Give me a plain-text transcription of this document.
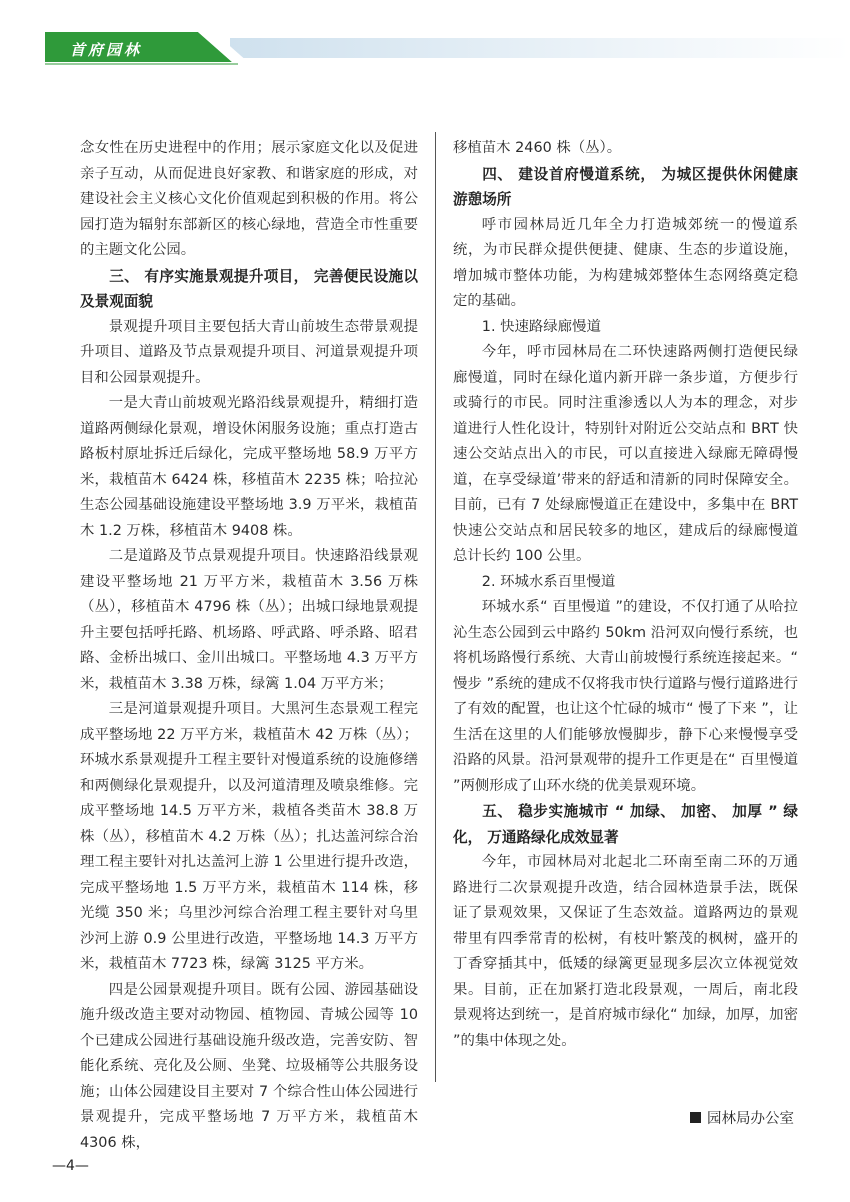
首府园林

念女性在历史进程中的作用；展示家庭文化以及促进亲子互动，从而促进良好家教、和谐家庭的形成，对建设社会主义核心文化价值观起到积极的作用。将公园打造为辐射东部新区的核心绿地，营造全市性重要的主题文化公园。

三、 有序实施景观提升项目， 完善便民设施以及景观面貌

景观提升项目主要包括大青山前坡生态带景观提升项目、道路及节点景观提升项目、河道景观提升项目和公园景观提升。

一是大青山前坡观光路沿线景观提升，精细打造道路两侧绿化景观，增设休闲服务设施；重点打造古路板村原址拆迁后绿化，完成平整场地 58.9 万平方米，栽植苗木 6424 株，移植苗木 2235 株；哈拉沁生态公园基础设施建设平整场地 3.9 万平米，栽植苗木 1.2 万株，移植苗木 9408 株。

二是道路及节点景观提升项目。快速路沿线景观建设平整场地 21 万平方米，栽植苗木 3.56 万株（丛），移植苗木 4796 株（丛）；出城口绿地景观提升主要包括呼托路、机场路、呼武路、呼杀路、昭君路、金桥出城口、金川出城口。平整场地 4.3 万平方米，栽植苗木 3.38 万株，绿篱 1.04 万平方米；

三是河道景观提升项目。大黑河生态景观工程完成平整场地 22 万平方米，栽植苗木 42 万株（丛）；环城水系景观提升工程主要针对慢道系统的设施修缮和两侧绿化景观提升，以及河道清理及喷泉维修。完成平整场地 14.5 万平方米，栽植各类苗木 38.8 万株（丛），移植苗木 4.2 万株（丛）；扎达盖河综合治理工程主要针对扎达盖河上游 1 公里进行提升改造，完成平整场地 1.5 万平方米，栽植苗木 114 株，移光缆 350 米；乌里沙河综合治理工程主要针对乌里沙河上游 0.9 公里进行改造，平整场地 14.3 万平方米，栽植苗木 7723 株，绿篱 3125 平方米。

四是公园景观提升项目。既有公园、游园基础设施升级改造主要对动物园、植物园、青城公园等 10 个已建成公园进行基础设施升级改造，完善安防、智能化系统、亮化及公厕、坐凳、垃圾桶等公共服务设施；山体公园建设目主要对 7 个综合性山体公园进行景观提升，完成平整场地 7 万平方米，栽植苗木 4306 株，

移植苗木 2460 株（丛）。

四、 建设首府慢道系统， 为城区提供休闲健康游憩场所

呼市园林局近几年全力打造城郊统一的慢道系统，为市民群众提供便捷、健康、生态的步道设施，增加城市整体功能，为构建城郊整体生态网络奠定稳定的基础。

1. 快速路绿廊慢道

今年，呼市园林局在二环快速路两侧打造便民绿廊慢道，同时在绿化道内新开辟一条步道，方便步行或骑行的市民。同时注重渗透以人为本的理念，对步道进行人性化设计，特别针对附近公交站点和 BRT 快速公交站点出入的市民，可以直接进入绿廊无障碍慢道，在享受绿道’带来的舒适和清新的同时保障安全。目前，已有 7 处绿廊慢道正在建设中，多集中在 BRT 快速公交站点和居民较多的地区，建成后的绿廊慢道总计长约 100 公里。

2. 环城水系百里慢道

环城水系“ 百里慢道 ”的建设，不仅打通了从哈拉沁生态公园到云中路约 50km 沿河双向慢行系统，也将机场路慢行系统、大青山前坡慢行系统连接起来。“ 慢步 ”系统的建成不仅将我市快行道路与慢行道路进行了有效的配置，也让这个忙碌的城市“ 慢了下来 ”，让生活在这里的人们能够放慢脚步，静下心来慢慢享受沿路的风景。沿河景观带的提升工作更是在“ 百里慢道 ”两侧形成了山环水绕的优美景观环境。

五、 稳步实施城市 “ 加绿、 加密、 加厚 ” 绿化， 万通路绿化成效显著

今年，市园林局对北起北二环南至南二环的万通路进行二次景观提升改造，结合园林造景手法，既保证了景观效果，又保证了生态效益。道路两边的景观带里有四季常青的松树，有枝叶繁茂的枫树，盛开的丁香穿插其中，低矮的绿篱更显现多层次立体视觉效果。目前，正在加紧打造北段景观，一周后，南北段景观将达到统一，是首府城市绿化“ 加绿，加厚，加密 ”的集中体现之处。

园林局办公室
—4—
